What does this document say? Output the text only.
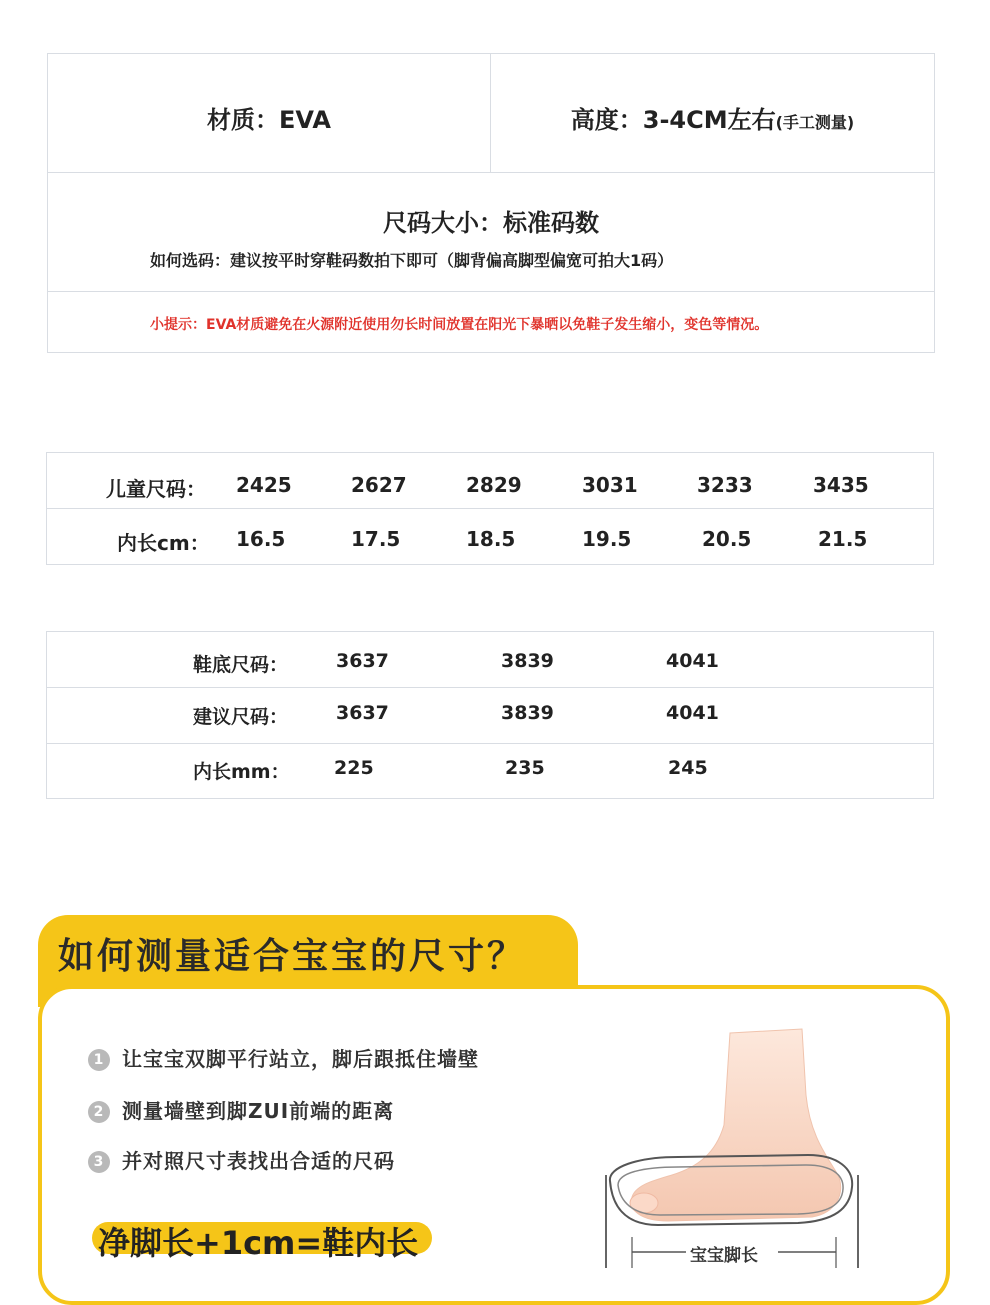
材质：EVA	高度：3-4CM左右(手工测量)
尺码大小：标准码数
如何选码：建议按平时穿鞋码数拍下即可（脚背偏高脚型偏宽可拍大1码）
小提示：EVA材质避免在火源附近使用勿长时间放置在阳光下暴晒以免鞋子发生缩小，变色等情况。
儿童尺码： 2425	2627	2829	3031	3233	3435
内长cm： 16.5	17.5	18.5	19.5	20.5	21.5
鞋底尺码：	3637	3839	4041
建议尺码：	3637	3839	4041
内长mm： 225	235	245
如何测量适合宝宝的尺寸？
1 让宝宝双脚平行站立，脚后跟抵住墙壁
2 测量墙壁到脚ZUI前端的距离
3 并对照尺寸表找出合适的尺码
净脚长+1cm=鞋内长	宝宝脚长
